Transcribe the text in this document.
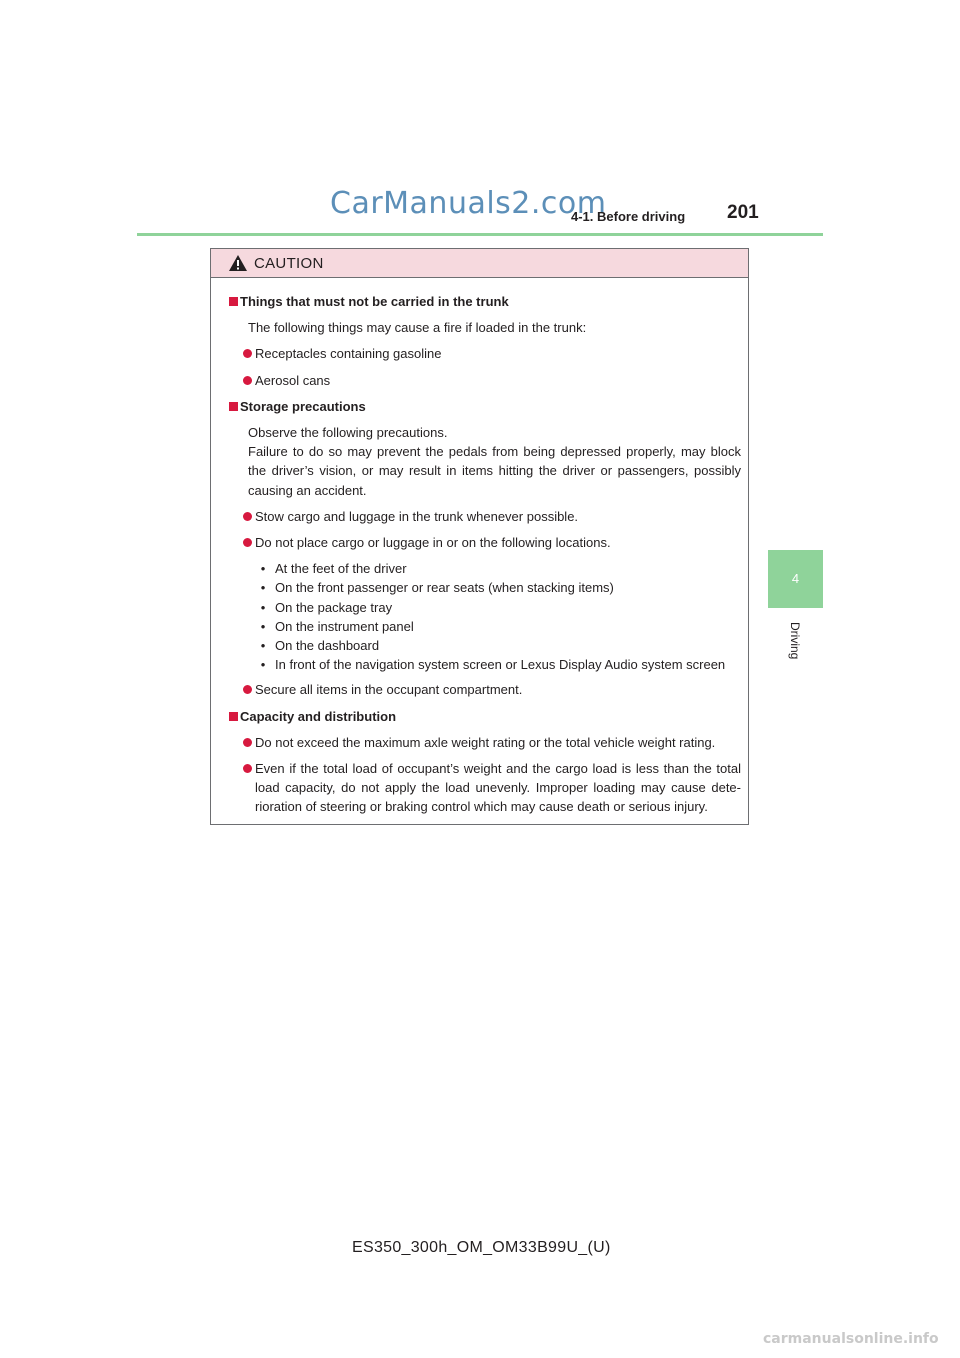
CarManuals2.com
4-1. Before driving 201
4
Driving
CAUTION
Things that must not be carried in the trunk
The following things may cause a fire if loaded in the trunk:
Receptacles containing gasoline
Aerosol cans
Storage precautions
Observe the following precautions.
Failure to do so may prevent the pedals from being depressed properly, may block the driver’s vision, or may result in items hitting the driver or passengers, possibly causing an accident.
Stow cargo and luggage in the trunk whenever possible.
Do not place cargo or luggage in or on the following locations.
• At the feet of the driver
• On the front passenger or rear seats (when stacking items)
• On the package tray
• On the instrument panel
• On the dashboard
• In front of the navigation system screen or Lexus Display Audio system screen
Secure all items in the occupant compartment.
Capacity and distribution
Do not exceed the maximum axle weight rating or the total vehicle weight rating.
Even if the total load of occupant’s weight and the cargo load is less than the total load capacity, do not apply the load unevenly. Improper loading may cause dete-rioration of steering or braking control which may cause death or serious injury.
ES350_300h_OM_OM33B99U_(U)
carmanualsonline.info
